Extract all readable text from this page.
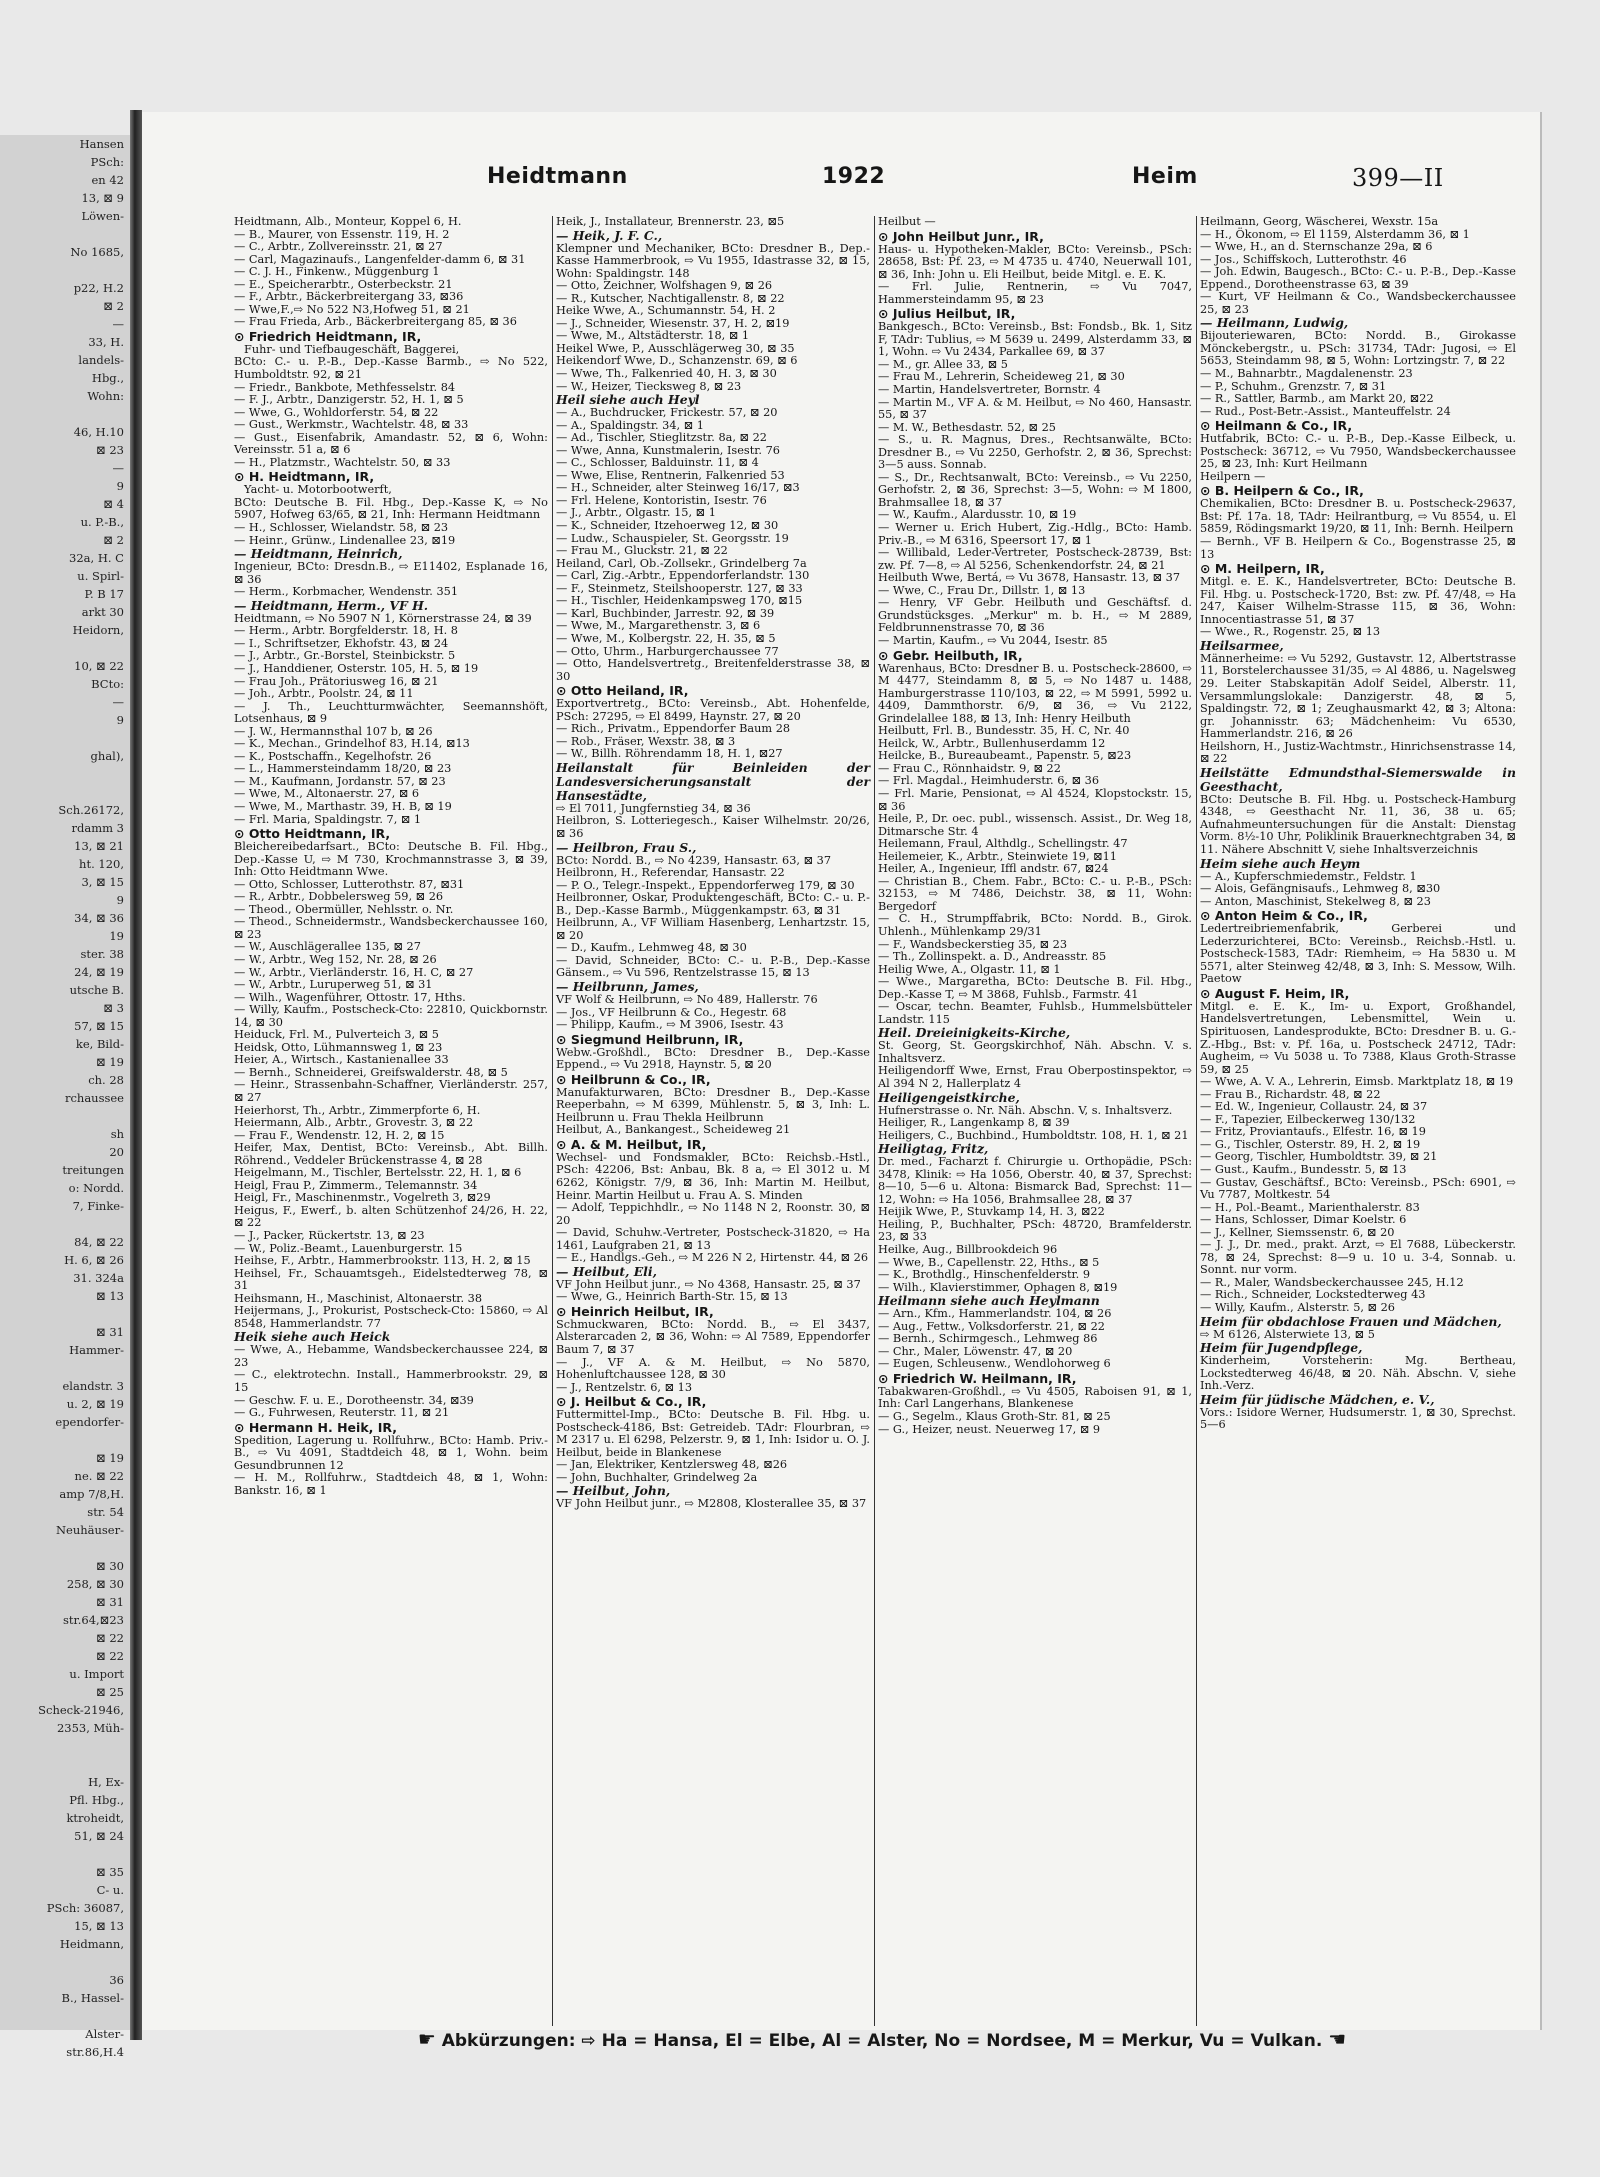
Hansen
PSch:
en 42
13, ⊠ 9
Löwen-

No 1685,

p22, H.2
⊠ 2
—
33, H.
landels-
Hbg.,
Wohn:

46, H.10
⊠ 23
—
9
⊠ 4
u. P.-B.,
⊠ 2
32a, H. C
u. Spirl-
P. B 17
arkt 30
Heidorn,

10, ⊠ 22
BCto:
—
9

ghal),

Sch.26172,
rdamm 3
13, ⊠ 21
ht. 120,
3, ⊠ 15
9
34, ⊠ 36
19
ster. 38
24, ⊠ 19
utsche B.
⊠ 3
57, ⊠ 15
ke, Bild-
⊠ 19
ch. 28
rchaussee

sh
20
treitungen
o: Nordd.
7, Finke-

84, ⊠ 22
H. 6, ⊠ 26
31. 324a
⊠ 13

⊠ 31
Hammer-

elandstr. 3
u. 2, ⊠ 19
ependorfer-

⊠ 19
ne. ⊠ 22
amp 7/8,H.
str. 54
Neuhäuser-

⊠ 30
258, ⊠ 30
⊠ 31
str.64,⊠23
⊠ 22
⊠ 22
u. Import
⊠ 25
Scheck-21946,
2353, Müh-

H, Ex-
Pfl. Hbg.,
ktroheidt,
51, ⊠ 24

⊠ 35
C- u.
PSch: 36087,
15, ⊠ 13
Heidmann,

36
B., Hassel-

Alster-
str.86,H.4
Heidtmann	1922	Heim	399—II
Heidtmann, Alb., Monteur, Koppel 6, H.
— B., Maurer, von Essenstr. 119, H. 2
— C., Arbtr., Zollvereinsstr. 21, ⊠ 27
— Carl, Magazinaufs., Langenfelder-damm 6, ⊠ 31
— C. J. H., Finkenw., Müggenburg 1
— E., Speicherarbtr., Osterbeckstr. 21
— F., Arbtr., Bäckerbreitergang 33, ⊠36
— Wwe,F.,⇨ No 522 N3,Hofweg 51, ⊠ 21
— Frau Frieda, Arb., Bäckerbreitergang 85, ⊠ 36
⊙ Friedrich Heidtmann, IR,
Fuhr- und Tiefbaugeschäft, Baggerei,
BCto: C.- u. P.-B., Dep.-Kasse Barmb., ⇨ No 522, Humboldtstr. 92, ⊠ 21
— Friedr., Bankbote, Methfesselstr. 84
— F. J., Arbtr., Danzigerstr. 52, H. 1, ⊠ 5
— Wwe, G., Wohldorferstr. 54, ⊠ 22
— Gust., Werkmstr., Wachtelstr. 48, ⊠ 33
— Gust., Eisenfabrik, Amandastr. 52, ⊠ 6, Wohn: Vereinsstr. 51 a, ⊠ 6
— H., Platzmstr., Wachtelstr. 50, ⊠ 33
⊙ H. Heidtmann, IR,
Yacht- u. Motorbootwerft,
BCto: Deutsche B. Fil. Hbg., Dep.-Kasse K, ⇨ No 5907, Hofweg 63/65, ⊠ 21, Inh: Hermann Heidtmann
— H., Schlosser, Wielandstr. 58, ⊠ 23
— Heinr., Grünw., Lindenallee 23, ⊠19
— Heidtmann, Heinrich,
Ingenieur, BCto: Dresdn.B., ⇨ E11402, Esplanade 16, ⊠ 36
— Herm., Korbmacher, Wendenstr. 351
— Heidtmann, Herm., VF H.
Heidtmann, ⇨ No 5907 N 1, Körnerstrasse 24, ⊠ 39
— Herm., Arbtr. Borgfelderstr. 18, H. 8
— I., Schriftsetzer, Ekhofstr. 43, ⊠ 24
— J., Arbtr., Gr.-Borstel, Steinbickstr. 5
— J., Handdiener, Osterstr. 105, H. 5, ⊠ 19
— Frau Joh., Prätoriusweg 16, ⊠ 21
— Joh., Arbtr., Poolstr. 24, ⊠ 11
— J. Th., Leuchtturmwächter, Seemannshöft, Lotsenhaus, ⊠ 9
— J. W., Hermannsthal 107 b, ⊠ 26
— K., Mechan., Grindelhof 83, H.14, ⊠13
— K., Postschaffn., Kegelhofstr. 26
— L., Hammersteindamm 18/20, ⊠ 23
— M., Kaufmann, Jordanstr. 57, ⊠ 23
— Wwe, M., Altonaerstr. 27, ⊠ 6
— Wwe, M., Marthastr. 39, H. B, ⊠ 19
— Frl. Maria, Spaldingstr. 7, ⊠ 1
⊙ Otto Heidtmann, IR,
Bleichereibedarfsart., BCto: Deutsche B. Fil. Hbg., Dep.-Kasse U, ⇨ M 730, Krochmannstrasse 3, ⊠ 39, Inh: Otto Heidtmann Wwe.
— Otto, Schlosser, Lutterothstr. 87, ⊠31
— R., Arbtr., Dobbelersweg 59, ⊠ 26
— Theod., Obermüller, Nehlsstr. o. Nr.
— Theod., Schneidermstr., Wandsbeckerchaussee 160, ⊠ 23
— W., Auschlägerallee 135, ⊠ 27
— W., Arbtr., Weg 152, Nr. 28, ⊠ 26
— W., Arbtr., Vierländerstr. 16, H. C, ⊠ 27
— W., Arbtr., Luruperweg 51, ⊠ 31
— Wilh., Wagenführer, Ottostr. 17, Hths.
— Willy, Kaufm., Postscheck-Cto: 22810, Quickbornstr. 14, ⊠ 30
Heiduck, Frl. M., Pulverteich 3, ⊠ 5
Heidsk, Otto, Lühmannsweg 1, ⊠ 23
Heier, A., Wirtsch., Kastanienallee 33
— Bernh., Schneiderei, Greifswalderstr. 48, ⊠ 5
— Heinr., Strassenbahn-Schaffner, Vierländerstr. 257, ⊠ 27
Heierhorst, Th., Arbtr., Zimmerpforte 6, H.
Heiermann, Alb., Arbtr., Grovestr. 3, ⊠ 22
— Frau F., Wendenstr. 12, H. 2, ⊠ 15
Heifer, Max, Dentist, BCto: Vereinsb., Abt. Billh. Röhrend., Veddeler Brückenstrasse 4, ⊠ 28
Heigelmann, M., Tischler, Bertelsstr. 22, H. 1, ⊠ 6
Heigl, Frau P., Zimmerm., Telemannstr. 34
Heigl, Fr., Maschinenmstr., Vogelreth 3, ⊠29
Heigus, F., Ewerf., b. alten Schützenhof 24/26, H. 22, ⊠ 22
— J., Packer, Rückertstr. 13, ⊠ 23
— W., Poliz.-Beamt., Lauenburgerstr. 15
Heihse, F., Arbtr., Hammerbrookstr. 113, H. 2, ⊠ 15
Heihsel, Fr., Schauamtsgeh., Eidelstedterweg 78, ⊠ 31
Heihsmann, H., Maschinist, Altonaerstr. 38
Heijermans, J., Prokurist, Postscheck-Cto: 15860, ⇨ Al 8548, Hammerlandstr. 77
Heik siehe auch Heick
— Wwe, A., Hebamme, Wandsbeckerchaussee 224, ⊠ 23
— C., elektrotechn. Install., Hammerbrookstr. 29, ⊠ 15
— Geschw. F. u. E., Dorotheenstr. 34, ⊠39
— G., Fuhrwesen, Reuterstr. 11, ⊠ 21
⊙ Hermann H. Heik, IR,
Spedition, Lagerung u. Rollfuhrw., BCto: Hamb. Priv.-B., ⇨ Vu 4091, Stadtdeich 48, ⊠ 1, Wohn. beim Gesundbrunnen 12
— H. M., Rollfuhrw., Stadtdeich 48, ⊠ 1, Wohn: Bankstr. 16, ⊠ 1
Heik, J., Installateur, Brennerstr. 23, ⊠5
— Heik, J. F. C.,
Klempner und Mechaniker, BCto: Dresdner B., Dep.-Kasse Hammerbrook, ⇨ Vu 1955, Idastrasse 32, ⊠ 15, Wohn: Spaldingstr. 148
— Otto, Zeichner, Wolfshagen 9, ⊠ 26
— R., Kutscher, Nachtigallenstr. 8, ⊠ 22
Heike Wwe, A., Schumannstr. 54, H. 2
— J., Schneider, Wiesenstr. 37, H. 2, ⊠19
— Wwe, M., Altstädterstr. 18, ⊠ 1
Heikel Wwe, P., Ausschlägerweg 30, ⊠ 35
Heikendorf Wwe, D., Schanzenstr. 69, ⊠ 6
— Wwe, Th., Falkenried 40, H. 3, ⊠ 30
— W., Heizer, Tiecksweg 8, ⊠ 23
Heil siehe auch Heyl
— A., Buchdrucker, Frickestr. 57, ⊠ 20
— A., Spaldingstr. 34, ⊠ 1
— Ad., Tischler, Stieglitzstr. 8a, ⊠ 22
— Wwe, Anna, Kunstmalerin, Isestr. 76
— C., Schlosser, Balduinstr. 11, ⊠ 4
— Wwe, Elise, Rentnerin, Falkenried 53
— H., Schneider, alter Steinweg 16/17, ⊠3
— Frl. Helene, Kontoristin, Isestr. 76
— J., Arbtr., Olgastr. 15, ⊠ 1
— K., Schneider, Itzehoerweg 12, ⊠ 30
— Ludw., Schauspieler, St. Georgsstr. 19
— Frau M., Gluckstr. 21, ⊠ 22
Heiland, Carl, Ob.-Zollsekr., Grindelberg 7a
— Carl, Zig.-Arbtr., Eppendorferlandstr. 130
— F., Steinmetz, Steilshooperstr. 127, ⊠ 33
— H., Tischler, Heidenkampsweg 170, ⊠15
— Karl, Buchbinder, Jarrestr. 92, ⊠ 39
— Wwe, M., Margarethenstr. 3, ⊠ 6
— Wwe, M., Kolbergstr. 22, H. 35, ⊠ 5
— Otto, Uhrm., Harburgerchaussee 77
— Otto, Handelsvertretg., Breitenfelderstrasse 38, ⊠ 30
⊙ Otto Heiland, IR,
Exportvertretg., BCto: Vereinsb., Abt. Hohenfelde, PSch: 27295, ⇨ El 8499, Haynstr. 27, ⊠ 20
— Rich., Privatm., Eppendorfer Baum 28
— Rob., Fräser, Wexstr. 38, ⊠ 3
— W., Billh. Röhrendamm 18, H. 1, ⊠27
Heilanstalt für Beinleiden der Landesversicherungsanstalt der Hansestädte,
⇨ El 7011, Jungfernstieg 34, ⊠ 36
Heilbron, S. Lotteriegesch., Kaiser Wilhelmstr. 20/26, ⊠ 36
— Heilbron, Frau S.,
BCto: Nordd. B., ⇨ No 4239, Hansastr. 63, ⊠ 37
Heilbronn, H., Referendar, Hansastr. 22
— P. O., Telegr.-Inspekt., Eppendorferweg 179, ⊠ 30
Heilbronner, Oskar, Produktengeschäft, BCto: C.- u. P.-B., Dep.-Kasse Barmb., Müggenkampstr. 63, ⊠ 31
Heilbrunn, A., VF William Hasenberg, Lenhartzstr. 15, ⊠ 20
— D., Kaufm., Lehmweg 48, ⊠ 30
— David, Schneider, BCto: C.- u. P.-B., Dep.-Kasse Gänsem., ⇨ Vu 596, Rentzelstrasse 15, ⊠ 13
— Heilbrunn, James,
VF Wolf & Heilbrunn, ⇨ No 489, Hallerstr. 76
— Jos., VF Heilbrunn & Co., Hegestr. 68
— Philipp, Kaufm., ⇨ M 3906, Isestr. 43
⊙ Siegmund Heilbrunn, IR,
Webw.-Großhdl., BCto: Dresdner B., Dep.-Kasse Eppend., ⇨ Vu 2918, Haynstr. 5, ⊠ 20
⊙ Heilbrunn & Co., IR,
Manufakturwaren, BCto: Dresdner B., Dep.-Kasse Reeperbahn, ⇨ M 6399, Mühlenstr. 5, ⊠ 3, Inh: L. Heilbrunn u. Frau Thekla Heilbrunn
Heilbut, A., Bankangest., Scheideweg 21
⊙ A. & M. Heilbut, IR,
Wechsel- und Fondsmakler, BCto: Reichsb.-Hstl., PSch: 42206, Bst: Anbau, Bk. 8 a, ⇨ El 3012 u. M 6262, Königstr. 7/9, ⊠ 36, Inh: Martin M. Heilbut, Heinr. Martin Heilbut u. Frau A. S. Minden
— Adolf, Teppichhdlr., ⇨ No 1148 N 2, Roonstr. 30, ⊠ 20
— David, Schuhw.-Vertreter, Postscheck-31820, ⇨ Ha 1461, Laufgraben 21, ⊠ 13
— E., Handlgs.-Geh., ⇨ M 226 N 2, Hirtenstr. 44, ⊠ 26
— Heilbut, Eli,
VF John Heilbut junr., ⇨ No 4368, Hansastr. 25, ⊠ 37
— Wwe, G., Heinrich Barth-Str. 15, ⊠ 13
⊙ Heinrich Heilbut, IR,
Schmuckwaren, BCto: Nordd. B., ⇨ El 3437, Alsterarcaden 2, ⊠ 36, Wohn: ⇨ Al 7589, Eppendorfer Baum 7, ⊠ 37
— J., VF A. & M. Heilbut, ⇨ No 5870, Hohenluftchaussee 128, ⊠ 30
— J., Rentzelstr. 6, ⊠ 13
⊙ J. Heilbut & Co., IR,
Futtermittel-Imp., BCto: Deutsche B. Fil. Hbg. u. Postscheck-4186, Bst: Getreideb. TAdr: Flourbran, ⇨ M 2317 u. El 6298, Pelzerstr. 9, ⊠ 1, Inh: Isidor u. O. J. Heilbut, beide in Blankenese
— Jan, Elektriker, Kentzlersweg 48, ⊠26
— John, Buchhalter, Grindelweg 2a
— Heilbut, John,
VF John Heilbut junr., ⇨ M2808, Klosterallee 35, ⊠ 37
Heilbut —
⊙ John Heilbut Junr., IR,
Haus- u. Hypotheken-Makler, BCto: Vereinsb., PSch: 28658, Bst: Pf. 23, ⇨ M 4735 u. 4740, Neuerwall 101, ⊠ 36, Inh: John u. Eli Heilbut, beide Mitgl. e. E. K.
— Frl. Julie, Rentnerin, ⇨ Vu 7047, Hammersteindamm 95, ⊠ 23
⊙ Julius Heilbut, IR,
Bankgesch., BCto: Vereinsb., Bst: Fondsb., Bk. 1, Sitz F, TAdr: Tublius, ⇨ M 5639 u. 2499, Alsterdamm 33, ⊠ 1, Wohn. ⇨ Vu 2434, Parkallee 69, ⊠ 37
— M., gr. Allee 33, ⊠ 5
— Frau M., Lehrerin, Scheideweg 21, ⊠ 30
— Martin, Handelsvertreter, Bornstr. 4
— Martin M., VF A. & M. Heilbut, ⇨ No 460, Hansastr. 55, ⊠ 37
— M. W., Bethesdastr. 52, ⊠ 25
— S., u. R. Magnus, Dres., Rechtsanwälte, BCto: Dresdner B., ⇨ Vu 2250, Gerhofstr. 2, ⊠ 36, Sprechst: 3—5 auss. Sonnab.
— S., Dr., Rechtsanwalt, BCto: Vereinsb., ⇨ Vu 2250, Gerhofstr. 2, ⊠ 36, Sprechst: 3—5, Wohn: ⇨ M 1800, Brahmsallee 18, ⊠ 37
— W., Kaufm., Alardusstr. 10, ⊠ 19
— Werner u. Erich Hubert, Zig.-Hdlg., BCto: Hamb. Priv.-B., ⇨ M 6316, Speersort 17, ⊠ 1
— Willibald, Leder-Vertreter, Postscheck-28739, Bst: zw. Pf. 7—8, ⇨ Al 5256, Schenkendorfstr. 24, ⊠ 21
Heilbuth Wwe, Bertá, ⇨ Vu 3678, Hansastr. 13, ⊠ 37
— Wwe, C., Frau Dr., Dillstr. 1, ⊠ 13
— Henry, VF Gebr. Heilbuth und Geschäftsf. d. Grundstücksges. „Merkur" m. b. H., ⇨ M 2889, Feldbrunnenstrasse 70, ⊠ 36
— Martin, Kaufm., ⇨ Vu 2044, Isestr. 85
⊙ Gebr. Heilbuth, IR,
Warenhaus, BCto: Dresdner B. u. Postscheck-28600, ⇨ M 4477, Steindamm 8, ⊠ 5, ⇨ No 1487 u. 1488, Hamburgerstrasse 110/103, ⊠ 22, ⇨ M 5991, 5992 u. 4409, Dammthorstr. 6/9, ⊠ 36, ⇨ Vu 2122, Grindelallee 188, ⊠ 13, Inh: Henry Heilbuth
Heilbutt, Frl. B., Bundesstr. 35, H. C, Nr. 40
Heilck, W., Arbtr., Bullenhuserdamm 12
Heilcke, B., Bureaubeamt., Papenstr. 5, ⊠23
— Frau C., Rönnhaidstr. 9, ⊠ 22
— Frl. Magdal., Heimhuderstr. 6, ⊠ 36
— Frl. Marie, Pensionat, ⇨ Al 4524, Klopstockstr. 15, ⊠ 36
Heile, P., Dr. oec. publ., wissensch. Assist., Dr. Weg 18, Ditmarsche Str. 4
Heilemann, Fraul, Althdlg., Schellingstr. 47
Heilemeier, K., Arbtr., Steinwiete 19, ⊠11
Heiler, A., Ingenieur, Iffl andstr. 67, ⊠24
— Christian B., Chem. Fabr., BCto: C.- u. P.-B., PSch: 32153, ⇨ M 7486, Deichstr. 38, ⊠ 11, Wohn: Bergedorf
— C. H., Strumpffabrik, BCto: Nordd. B., Girok. Uhlenh., Mühlenkamp 29/31
— F., Wandsbeckerstieg 35, ⊠ 23
— Th., Zollinspekt. a. D., Andreasstr. 85
Heilig Wwe, A., Olgastr. 11, ⊠ 1
— Wwe., Margaretha, BCto: Deutsche B. Fil. Hbg., Dep.-Kasse T, ⇨ M 3868, Fuhlsb., Farmstr. 41
— Oscar, techn. Beamter, Fuhlsb., Hummelsbütteler Landstr. 115
Heil. Dreieinigkeits-Kirche,
St. Georg, St. Georgskirchhof, Näh. Abschn. V. s. Inhaltsverz.
Heiligendorff Wwe, Ernst, Frau Oberpostinspektor, ⇨ Al 394 N 2, Hallerplatz 4
Heiligengeistkirche,
Hufnerstrasse o. Nr. Näh. Abschn. V, s. Inhaltsverz.
Heiliger, R., Langenkamp 8, ⊠ 39
Heiligers, C., Buchbind., Humboldtstr. 108, H. 1, ⊠ 21
Heiligtag, Fritz,
Dr. med., Facharzt f. Chirurgie u. Orthopädie, PSch: 3478, Klinik: ⇨ Ha 1056, Oberstr. 40, ⊠ 37, Sprechst: 8—10, 5—6 u. Altona: Bismarck Bad, Sprechst: 11—12, Wohn: ⇨ Ha 1056, Brahmsallee 28, ⊠ 37
Heijik Wwe, P., Stuvkamp 14, H. 3, ⊠22
Heiling, P., Buchhalter, PSch: 48720, Bramfelderstr. 23, ⊠ 33
Heilke, Aug., Billbrookdeich 96
— Wwe, B., Capellenstr. 22, Hths., ⊠ 5
— K., Brothdlg., Hinschenfelderstr. 9
— Wilh., Klavierstimmer, Ophagen 8, ⊠19
Heilmann siehe auch Heylmann
— Arn., Kfm., Hammerlandstr. 104, ⊠ 26
— Aug., Fettw., Volksdorferstr. 21, ⊠ 22
— Bernh., Schirmgesch., Lehmweg 86
— Chr., Maler, Löwenstr. 47, ⊠ 20
— Eugen, Schleusenw., Wendlohorweg 6
⊙ Friedrich W. Heilmann, IR,
Tabakwaren-Großhdl., ⇨ Vu 4505, Raboisen 91, ⊠ 1, Inh: Carl Langerhans, Blankenese
— G., Segelm., Klaus Groth-Str. 81, ⊠ 25
— G., Heizer, neust. Neuerweg 17, ⊠ 9
Heilmann, Georg, Wäscherei, Wexstr. 15a
— H., Ökonom, ⇨ El 1159, Alsterdamm 36, ⊠ 1
— Wwe, H., an d. Sternschanze 29a, ⊠ 6
— Jos., Schiffskoch, Lutterothstr. 46
— Joh. Edwin, Baugesch., BCto: C.- u. P.-B., Dep.-Kasse Eppend., Dorotheenstrasse 63, ⊠ 39
— Kurt, VF Heilmann & Co., Wandsbeckerchaussee 25, ⊠ 23
— Heilmann, Ludwig,
Bijouteriewaren, BCto: Nordd. B., Girokasse Mönckebergstr., u. PSch: 31734, TAdr: Jugosi, ⇨ El 5653, Steindamm 98, ⊠ 5, Wohn: Lortzingstr. 7, ⊠ 22
— M., Bahnarbtr., Magdalenenstr. 23
— P., Schuhm., Grenzstr. 7, ⊠ 31
— R., Sattler, Barmb., am Markt 20, ⊠22
— Rud., Post-Betr.-Assist., Manteuffelstr. 24
⊙ Heilmann & Co., IR,
Hutfabrik, BCto: C.- u. P.-B., Dep.-Kasse Eilbeck, u. Postscheck: 36712, ⇨ Vu 7950, Wandsbeckerchaussee 25, ⊠ 23, Inh: Kurt Heilmann
Heilpern —
⊙ B. Heilpern & Co., IR,
Chemikalien, BCto: Dresdner B. u. Postscheck-29637, Bst: Pf. 17a. 18, TAdr: Heilrantburg, ⇨ Vu 8554, u. El 5859, Rödingsmarkt 19/20, ⊠ 11, Inh: Bernh. Heilpern
— Bernh., VF B. Heilpern & Co., Bogenstrasse 25, ⊠ 13
⊙ M. Heilpern, IR,
Mitgl. e. E. K., Handelsvertreter, BCto: Deutsche B. Fil. Hbg. u. Postscheck-1720, Bst: zw. Pf. 47/48, ⇨ Ha 247, Kaiser Wilhelm-Strasse 115, ⊠ 36, Wohn: Innocentiastrasse 51, ⊠ 37
— Wwe., R., Rogenstr. 25, ⊠ 13
Heilsarmee,
Männerheime: ⇨ Vu 5292, Gustavstr. 12, Albertstrasse 11, Borstelerchaussee 31/35, ⇨ Al 4886, u. Nagelsweg 29. Leiter Stabskapitän Adolf Seidel, Alberstr. 11, Versammlungslokale: Danzigerstr. 48, ⊠ 5, Spaldingstr. 72, ⊠ 1; Zeughausmarkt 42, ⊠ 3; Altona: gr. Johannisstr. 63; Mädchenheim: Vu 6530, Hammerlandstr. 216, ⊠ 26
Heilshorn, H., Justiz-Wachtmstr., Hinrichsenstrasse 14, ⊠ 22
Heilstätte Edmundsthal-Siemerswalde in Geesthacht,
BCto: Deutsche B. Fil. Hbg. u. Postscheck-Hamburg 4348, ⇨ Geesthacht Nr. 11, 36, 38 u. 65; Aufnahmeuntersuchungen für die Anstalt: Dienstag Vorm. 8½-10 Uhr, Poliklinik Brauerknechtgraben 34, ⊠ 11. Nähere Abschnitt V, siehe Inhaltsverzeichnis
Heim siehe auch Heym
— A., Kupferschmiedemstr., Feldstr. 1
— Alois, Gefängnisaufs., Lehmweg 8, ⊠30
— Anton, Maschinist, Stekelweg 8, ⊠ 23
⊙ Anton Heim & Co., IR,
Ledertreibriemenfabrik, Gerberei und Lederzurichterei, BCto: Vereinsb., Reichsb.-Hstl. u. Postscheck-1583, TAdr: Riemheim, ⇨ Ha 5830 u. M 5571, alter Steinweg 42/48, ⊠ 3, Inh: S. Messow, Wilh. Paetow
⊙ August F. Heim, IR,
Mitgl. e. E. K., Im- u. Export, Großhandel, Handelsvertretungen, Lebensmittel, Wein u. Spirituosen, Landesprodukte, BCto: Dresdner B. u. G.-Z.-Hbg., Bst: v. Pf. 16a, u. Postscheck 24712, TAdr: Augheim, ⇨ Vu 5038 u. To 7388, Klaus Groth-Strasse 59, ⊠ 25
— Wwe, A. V. A., Lehrerin, Eimsb. Marktplatz 18, ⊠ 19
— Frau B., Richardstr. 48, ⊠ 22
— Ed. W., Ingenieur, Collaustr. 24, ⊠ 37
— F., Tapezier, Eilbeckerweg 130/132
— Fritz, Proviantaufs., Elfestr. 16, ⊠ 19
— G., Tischler, Osterstr. 89, H. 2, ⊠ 19
— Georg, Tischler, Humboldtstr. 39, ⊠ 21
— Gust., Kaufm., Bundesstr. 5, ⊠ 13
— Gustav, Geschäftsf., BCto: Vereinsb., PSch: 6901, ⇨ Vu 7787, Moltkestr. 54
— H., Pol.-Beamt., Marienthalerstr. 83
— Hans, Schlosser, Dimar Koelstr. 6
— J., Kellner, Siemssenstr. 6, ⊠ 20
— J. J., Dr. med., prakt. Arzt, ⇨ El 7688, Lübeckerstr. 78, ⊠ 24, Sprechst: 8—9 u. 10 u. 3-4, Sonnab. u. Sonnt. nur vorm.
— R., Maler, Wandsbeckerchaussee 245, H.12
— Rich., Schneider, Lockstedterweg 43
— Willy, Kaufm., Alsterstr. 5, ⊠ 26
Heim für obdachlose Frauen und Mädchen,
⇨ M 6126, Alsterwiete 13, ⊠ 5
Heim für Jugendpflege,
Kinderheim, Vorsteherin: Mg. Bertheau, Lockstedterweg 46/48, ⊠ 20. Näh. Abschn. V, siehe Inh.-Verz.
Heim für jüdische Mädchen, e. V.,
Vors.: Isidore Werner, Hudsumerstr. 1, ⊠ 30, Sprechst. 5—6
☛ Abkürzungen: ⇨ Ha = Hansa, El = Elbe, Al = Alster, No = Nordsee, M = Merkur, Vu = Vulkan. ☚
